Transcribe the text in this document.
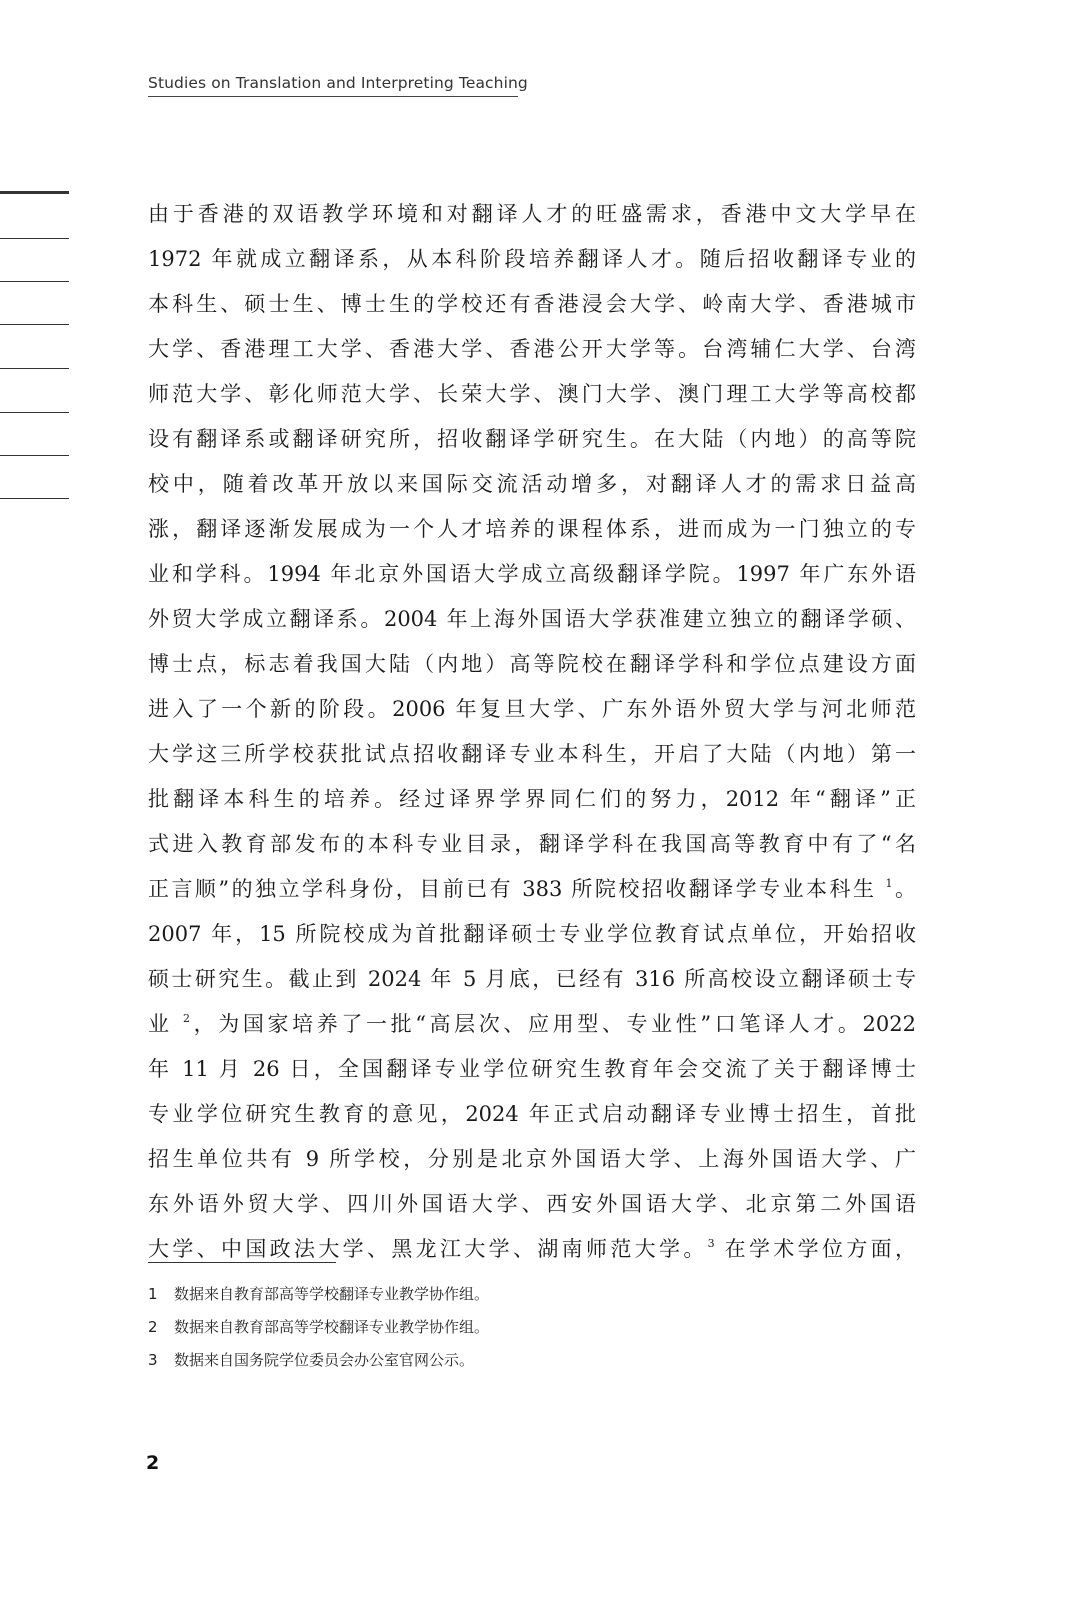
Studies on Translation and Interpreting Teaching
由于香港的双语教学环境和对翻译人才的旺盛需求，香港中文大学早在
1972 年就成立翻译系，从本科阶段培养翻译人才。随后招收翻译专业的
本科生、硕士生、博士生的学校还有香港浸会大学、岭南大学、香港城市
大学、香港理工大学、香港大学、香港公开大学等。台湾辅仁大学、台湾
师范大学、彰化师范大学、长荣大学、澳门大学、澳门理工大学等高校都
设有翻译系或翻译研究所，招收翻译学研究生。在大陆（内地）的高等院
校中，随着改革开放以来国际交流活动增多，对翻译人才的需求日益高
涨，翻译逐渐发展成为一个人才培养的课程体系，进而成为一门独立的专
业和学科。1994 年北京外国语大学成立高级翻译学院。1997 年广东外语
外贸大学成立翻译系。2004 年上海外国语大学获准建立独立的翻译学硕、
博士点，标志着我国大陆（内地）高等院校在翻译学科和学位点建设方面
进入了一个新的阶段。2006 年复旦大学、广东外语外贸大学与河北师范
大学这三所学校获批试点招收翻译专业本科生，开启了大陆（内地）第一
批翻译本科生的培养。经过译界学界同仁们的努力，2012 年“翻译”正
式进入教育部发布的本科专业目录，翻译学科在我国高等教育中有了“名
正言顺”的独立学科身份，目前已有 383 所院校招收翻译学专业本科生 $^1$。
2007 年，15 所院校成为首批翻译硕士专业学位教育试点单位，开始招收
硕士研究生。截止到 2024 年 5 月底，已经有 316 所高校设立翻译硕士专
业 $^2$，为国家培养了一批“高层次、应用型、专业性”口笔译人才。2022
年 11 月 26 日，全国翻译专业学位研究生教育年会交流了关于翻译博士
专业学位研究生教育的意见，2024 年正式启动翻译专业博士招生，首批
招生单位共有 9 所学校，分别是北京外国语大学、上海外国语大学、广
东外语外贸大学、四川外国语大学、西安外国语大学、北京第二外国语
大学、中国政法大学、黑龙江大学、湖南师范大学。$^3$ 在学术学位方面，
1 数据来自教育部高等学校翻译专业教学协作组。
2 数据来自教育部高等学校翻译专业教学协作组。
3 数据来自国务院学位委员会办公室官网公示。
2
